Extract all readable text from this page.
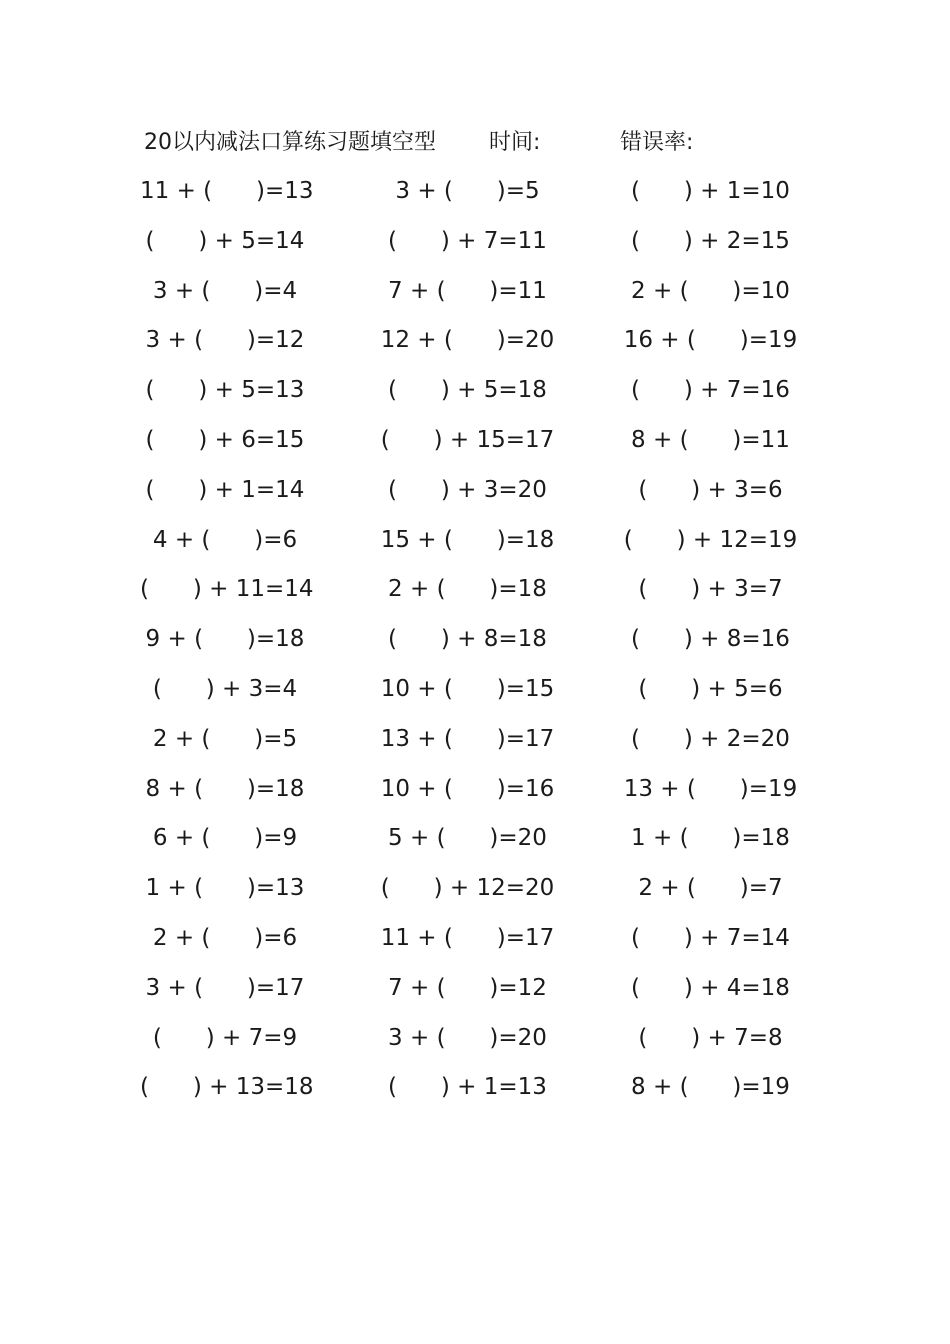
20以内减法口算练习题填空型 时间:	错误率:
11 + (      )=13	3 + (      )=5	(      ) + 1=10
(      ) + 5=14	(      ) + 7=11	(      ) + 2=15
3 + (      )=4	7 + (      )=11	2 + (      )=10
3 + (      )=12	12 + (      )=20	16 + (      )=19
(      ) + 5=13	(      ) + 5=18	(      ) + 7=16
(      ) + 6=15	(      ) + 15=17	8 + (      )=11
(      ) + 1=14	(      ) + 3=20	(      ) + 3=6
4 + (      )=6	15 + (      )=18	(      ) + 12=19
(      ) + 11=14	2 + (      )=18	(      ) + 3=7
9 + (      )=18	(      ) + 8=18	(      ) + 8=16
(      ) + 3=4	10 + (      )=15	(      ) + 5=6
2 + (      )=5	13 + (      )=17	(      ) + 2=20
8 + (      )=18	10 + (      )=16	13 + (      )=19
6 + (      )=9	5 + (      )=20	1 + (      )=18
1 + (      )=13	(      ) + 12=20	2 + (      )=7
2 + (      )=6	11 + (      )=17	(      ) + 7=14
3 + (      )=17	7 + (      )=12	(      ) + 4=18
(      ) + 7=9	3 + (      )=20	(      ) + 7=8
(      ) + 13=18	(      ) + 1=13	8 + (      )=19
